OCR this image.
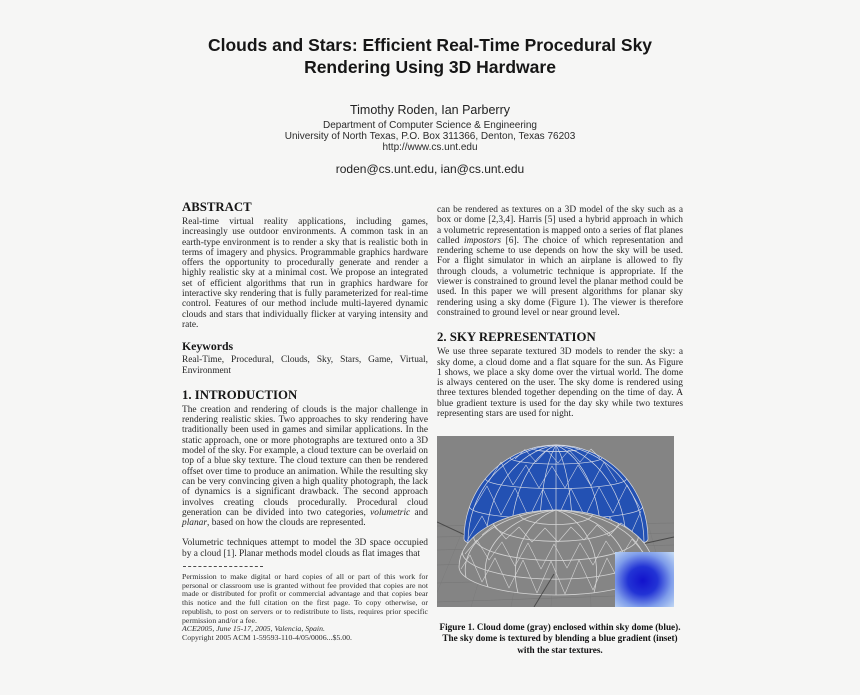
Clouds and Stars: Efficient Real-Time Procedural Sky
Rendering Using 3D Hardware
Timothy Roden, Ian Parberry
Department of Computer Science & Engineering
University of North Texas, P.O. Box 311366, Denton, Texas 76203
http://www.cs.unt.edu
roden@cs.unt.edu, ian@cs.unt.edu
ABSTRACT

Real-time virtual reality applications, including games, increasingly use outdoor environments. A common task in an earth-type environment is to render a sky that is realistic both in terms of imagery and physics. Programmable graphics hardware offers the opportunity to procedurally generate and render a highly realistic sky at a minimal cost. We propose an integrated set of efficient algorithms that run in graphics hardware for interactive sky rendering that is fully parameterized for real-time control. Features of our method include multi-layered dynamic clouds and stars that individually flicker at varying intensity and rate.

Keywords

Real-Time, Procedural, Clouds, Sky, Stars, Game, Virtual, Environment

1. INTRODUCTION

The creation and rendering of clouds is the major challenge in rendering realistic skies. Two approaches to sky rendering have traditionally been used in games and similar applications. In the static approach, one or more photographs are textured onto a 3D model of the sky. For example, a cloud texture can be overlaid on top of a blue sky texture. The cloud texture can then be rendered offset over time to produce an animation. While the resulting sky can be very convincing given a high quality photograph, the lack of dynamics is a significant drawback. The second approach involves creating clouds procedurally. Procedural cloud generation can be divided into two categories, volumetric and planar, based on how the clouds are represented.

Volumetric techniques attempt to model the 3D space occupied by a cloud [1]. Planar methods model clouds as flat images that

Permission to make digital or hard copies of all or part of this work for personal or classroom use is granted without fee provided that copies are not made or distributed for profit or commercial advantage and that copies bear this notice and the full citation on the first page. To copy otherwise, or republish, to post on servers or to redistribute to lists, requires prior specific permission and/or a fee.
ACE2005, June 15-17, 2005, Valencia, Spain.
Copyright 2005 ACM 1-59593-110-4/05/0006...$5.00.

can be rendered as textures on a 3D model of the sky such as a box or dome [2,3,4]. Harris [5] used a hybrid approach in which a volumetric representation is mapped onto a series of flat planes called impostors [6]. The choice of which representation and rendering scheme to use depends on how the sky will be used. For a flight simulator in which an airplane is allowed to fly through clouds, a volumetric technique is appropriate. If the viewer is constrained to ground level the planar method could be used. In this paper we will present algorithms for planar sky rendering using a sky dome (Figure 1). The viewer is therefore constrained to ground level or near ground level.

2. SKY REPRESENTATION

We use three separate textured 3D models to render the sky: a sky dome, a cloud dome and a flat square for the sun. As Figure 1 shows, we place a sky dome over the virtual world. The dome is always centered on the user. The sky dome is rendered using three textures blended together depending on the time of day. A blue gradient texture is used for the day sky while two textures representing stars are used for night.

Figure 1. Cloud dome (gray) enclosed within sky dome (blue).
The sky dome is textured by blending a blue gradient (inset)
with the star textures.
